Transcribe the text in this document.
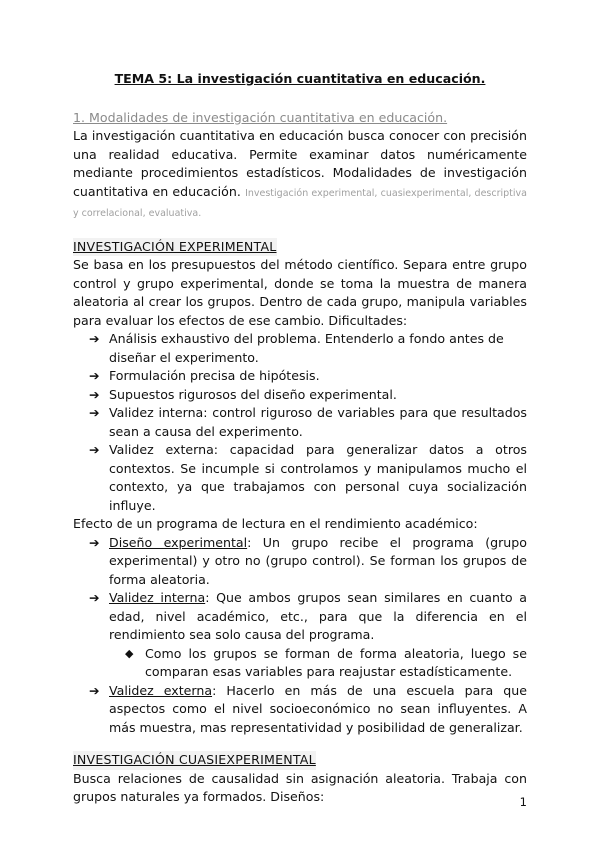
TEMA 5: La investigación cuantitativa en educación.

1. Modalidades de investigación cuantitativa en educación.

La investigación cuantitativa en educación busca conocer con precisión una realidad educativa. Permite examinar datos numéricamente mediante procedimientos estadísticos. Modalidades de investigación cuantitativa en educación. Investigación experimental, cuasiexperimental, descriptiva y correlacional, evaluativa.

INVESTIGACIÓN EXPERIMENTAL

Se basa en los presupuestos del método científico. Separa entre grupo control y grupo experimental, donde se toma la muestra de manera aleatoria al crear los grupos. Dentro de cada grupo, manipula variables para evaluar los efectos de ese cambio. Dificultades:

➔ Análisis exhaustivo del problema. Entenderlo a fondo antes de diseñar el experimento.
➔ Formulación precisa de hipótesis.
➔ Supuestos rigurosos del diseño experimental.
➔ Validez interna: control riguroso de variables para que resultados sean a causa del experimento.
➔ Validez externa: capacidad para generalizar datos a otros contextos. Se incumple si controlamos y manipulamos mucho el contexto, ya que trabajamos con personal cuya socialización influye.

Efecto de un programa de lectura en el rendimiento académico:

➔ Diseño experimental: Un grupo recibe el programa (grupo experimental) y otro no (grupo control). Se forman los grupos de forma aleatoria.
➔ Validez interna: Que ambos grupos sean similares en cuanto a edad, nivel académico, etc., para que la diferencia en el rendimiento sea solo causa del programa.
◆ Como los grupos se forman de forma aleatoria, luego se comparan esas variables para reajustar estadísticamente.
➔ Validez externa: Hacerlo en más de una escuela para que aspectos como el nivel socioeconómico no sean influyentes. A más muestra, mas representatividad y posibilidad de generalizar.
INVESTIGACIÓN CUASIEXPERIMENTAL

Busca relaciones de causalidad sin asignación aleatoria. Trabaja con grupos naturales ya formados. Diseños:	1
